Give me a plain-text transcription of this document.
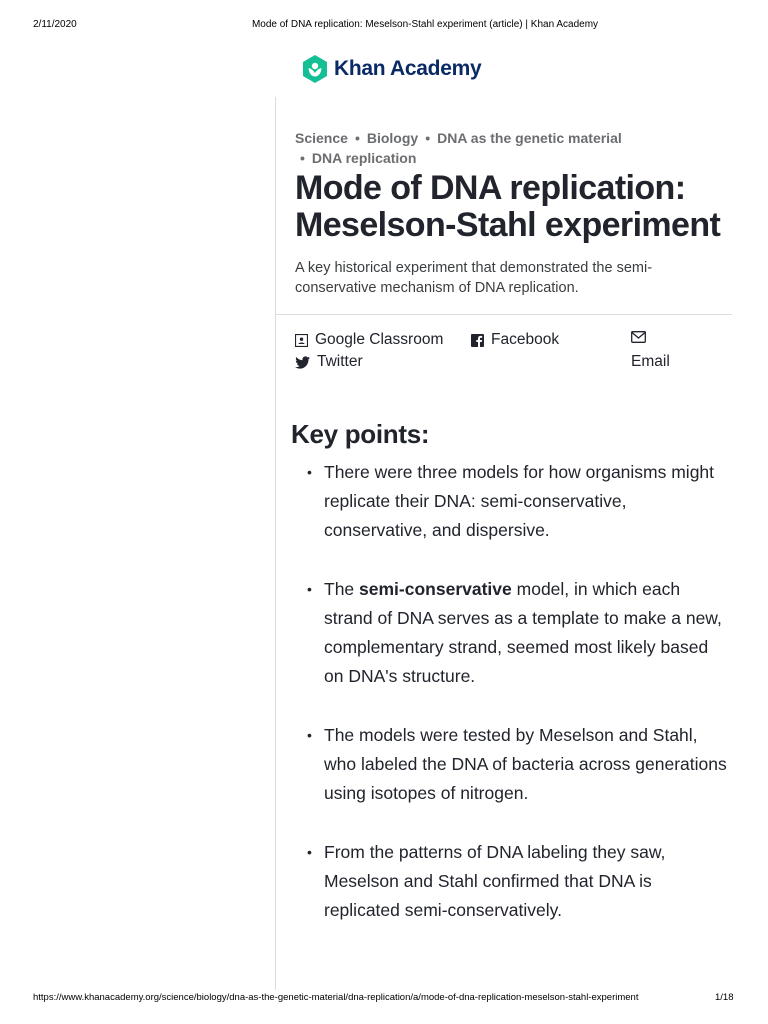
2/11/2020	Mode of DNA replication: Meselson-Stahl experiment (article) | Khan Academy
Khan Academy
Science • Biology • DNA as the genetic material
• DNA replication
Mode of DNA replication: Meselson-Stahl experiment

A key historical experiment that demonstrated the semi-conservative mechanism of DNA replication.

Google Classroom	Facebook
Twitter	Email
Key points:
• There were three models for how organisms might replicate their DNA: semi-conservative, conservative, and dispersive.
• The semi-conservative model, in which each strand of DNA serves as a template to make a new, complementary strand, seemed most likely based on DNA's structure.
• The models were tested by Meselson and Stahl, who labeled the DNA of bacteria across generations using isotopes of nitrogen.
• From the patterns of DNA labeling they saw, Meselson and Stahl confirmed that DNA is replicated semi-conservatively.
https://www.khanacademy.org/science/biology/dna-as-the-genetic-material/dna-replication/a/mode-of-dna-replication-meselson-stahl-experiment	1/18
